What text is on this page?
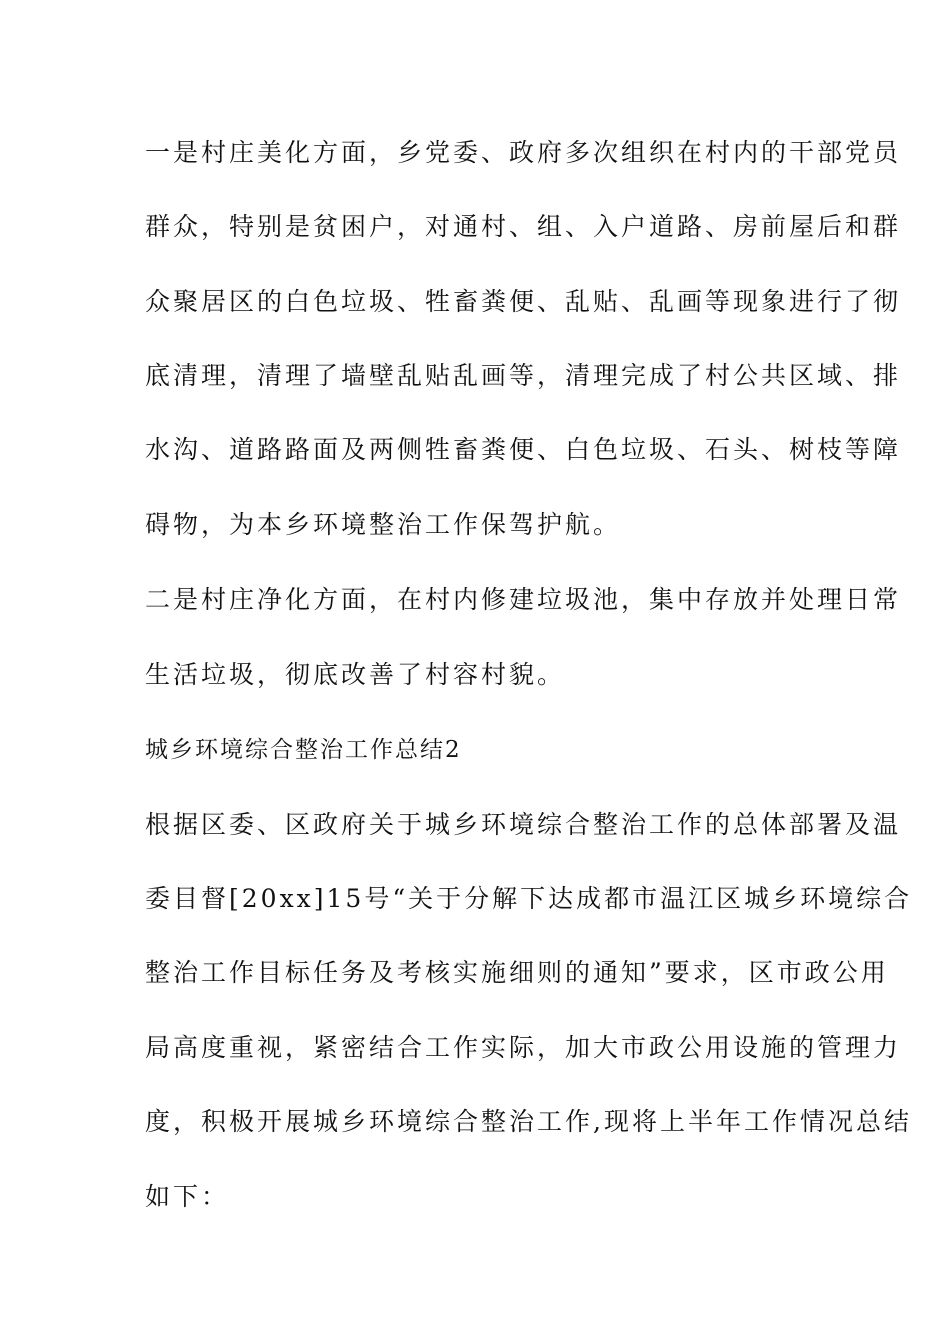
一是村庄美化方面，乡党委、政府多次组织在村内的干部党员
群众，特别是贫困户，对通村、组、入户道路、房前屋后和群
众聚居区的白色垃圾、牲畜粪便、乱贴、乱画等现象进行了彻
底清理，清理了墙壁乱贴乱画等，清理完成了村公共区域、排
水沟、道路路面及两侧牲畜粪便、白色垃圾、石头、树枝等障
碍物，为本乡环境整治工作保驾护航。
二是村庄净化方面，在村内修建垃圾池，集中存放并处理日常
生活垃圾，彻底改善了村容村貌。
城乡环境综合整治工作总结2
根据区委、区政府关于城乡环境综合整治工作的总体部署及温
委目督[20xx]15号“关于分解下达成都市温江区城乡环境综合
整治工作目标任务及考核实施细则的通知”要求，区市政公用
局高度重视，紧密结合工作实际，加大市政公用设施的管理力
度，积极开展城乡环境综合整治工作,现将上半年工作情况总结
如下：
